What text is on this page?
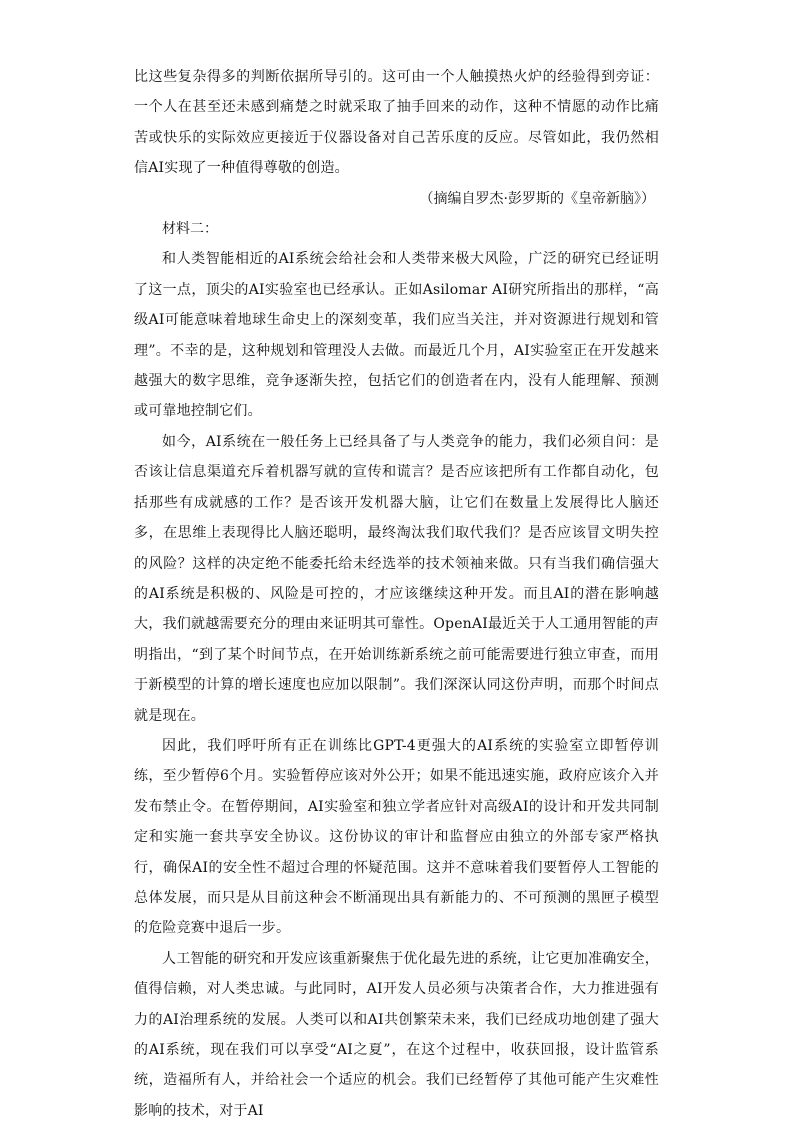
比这些复杂得多的判断依据所导引的。这可由一个人触摸热火炉的经验得到旁证：一个人在甚至还未感到痛楚之时就采取了抽手回来的动作，这种不情愿的动作比痛苦或快乐的实际效应更接近于仪器设备对自己苦乐度的反应。尽管如此，我仍然相信AI实现了一种值得尊敬的创造。

（摘编自罗杰·彭罗斯的《皇帝新脑》）

材料二：

和人类智能相近的AI系统会给社会和人类带来极大风险，广泛的研究已经证明了这一点，顶尖的AI实验室也已经承认。正如Asilomar AI研究所指出的那样，“高级AI可能意味着地球生命史上的深刻变革，我们应当关注，并对资源进行规划和管理”。不幸的是，这种规划和管理没人去做。而最近几个月，AI实验室正在开发越来越强大的数字思维，竞争逐渐失控，包括它们的创造者在内，没有人能理解、预测或可靠地控制它们。

如今，AI系统在一般任务上已经具备了与人类竞争的能力，我们必须自问：是否该让信息渠道充斥着机器写就的宣传和谎言？是否应该把所有工作都自动化，包括那些有成就感的工作？是否该开发机器大脑，让它们在数量上发展得比人脑还多，在思维上表现得比人脑还聪明，最终淘汰我们取代我们？是否应该冒文明失控的风险？这样的决定绝不能委托给未经选举的技术领袖来做。只有当我们确信强大的AI系统是积极的、风险是可控的，才应该继续这种开发。而且AI的潜在影响越大，我们就越需要充分的理由来证明其可靠性。OpenAI最近关于人工通用智能的声明指出，“到了某个时间节点，在开始训练新系统之前可能需要进行独立审查，而用于新模型的计算的增长速度也应加以限制”。我们深深认同这份声明，而那个时间点就是现在。

因此，我们呼吁所有正在训练比GPT-4更强大的AI系统的实验室立即暂停训练，至少暂停6个月。实验暂停应该对外公开；如果不能迅速实施，政府应该介入并发布禁止令。在暂停期间，AI实验室和独立学者应针对高级AI的设计和开发共同制定和实施一套共享安全协议。这份协议的审计和监督应由独立的外部专家严格执行，确保AI的安全性不超过合理的怀疑范围。这并不意味着我们要暂停人工智能的总体发展，而只是从目前这种会不断涌现出具有新能力的、不可预测的黑匣子模型的危险竞赛中退后一步。

人工智能的研究和开发应该重新聚焦于优化最先进的系统，让它更加准确安全，值得信赖，对人类忠诚。与此同时，AI开发人员必须与决策者合作，大力推进强有力的AI治理系统的发展。人类可以和AI共创繁荣未来，我们已经成功地创建了强大的AI系统，现在我们可以享受“AI之夏”，在这个过程中，收获回报，设计监管系统，造福所有人，并给社会一个适应的机会。我们已经暂停了其他可能产生灾难性影响的技术，对于AI
